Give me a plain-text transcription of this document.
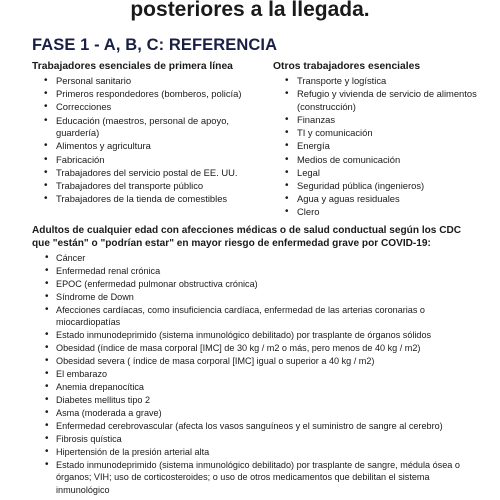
posteriores a la llegada.
FASE 1 - A, B, C: REFERENCIA
Trabajadores esenciales de primera línea
• Personal sanitario
• Primeros respondedores (bomberos, policía)
• Correcciones
• Educación (maestros, personal de apoyo, guardería)
• Alimentos y agricultura
• Fabricación
• Trabajadores del servicio postal de EE. UU.
• Trabajadores del transporte público
• Trabajadores de la tienda de comestibles
Otros trabajadores esenciales
• Transporte y logística
• Refugio y vivienda de servicio de alimentos (construcción)
• Finanzas
• TI y comunicación
• Energía
• Medios de comunicación
• Legal
• Seguridad pública (ingenieros)
• Agua y aguas residuales
• Clero
Adultos de cualquier edad con afecciones médicas o de salud conductual según los CDC que "están" o "podrían estar" en mayor riesgo de enfermedad grave por COVID-19:
• Cáncer
• Enfermedad renal crónica
• EPOC (enfermedad pulmonar obstructiva crónica)
• Síndrome de Down
• Afecciones cardíacas, como insuficiencia cardíaca, enfermedad de las arterias coronarias o miocardiopatías
• Estado inmunodeprimido (sistema inmunológico debilitado) por trasplante de órganos sólidos
• Obesidad (índice de masa corporal [IMC] de 30 kg / m2 o más, pero menos de 40 kg / m2)
• Obesidad severa ( índice de masa corporal [IMC] igual o superior a 40 kg / m2)
• El embarazo
• Anemia drepanocítica
• Diabetes mellitus tipo 2
• Asma (moderada a grave)
• Enfermedad cerebrovascular (afecta los vasos sanguíneos y el suministro de sangre al cerebro)
• Fibrosis quística
• Hipertensión de la presión arterial alta
• Estado inmunodeprimido (sistema inmunológico debilitado) por trasplante de sangre, médula ósea o órganos; VIH; uso de corticosteroides; o uso de otros medicamentos que debilitan el sistema inmunológico
